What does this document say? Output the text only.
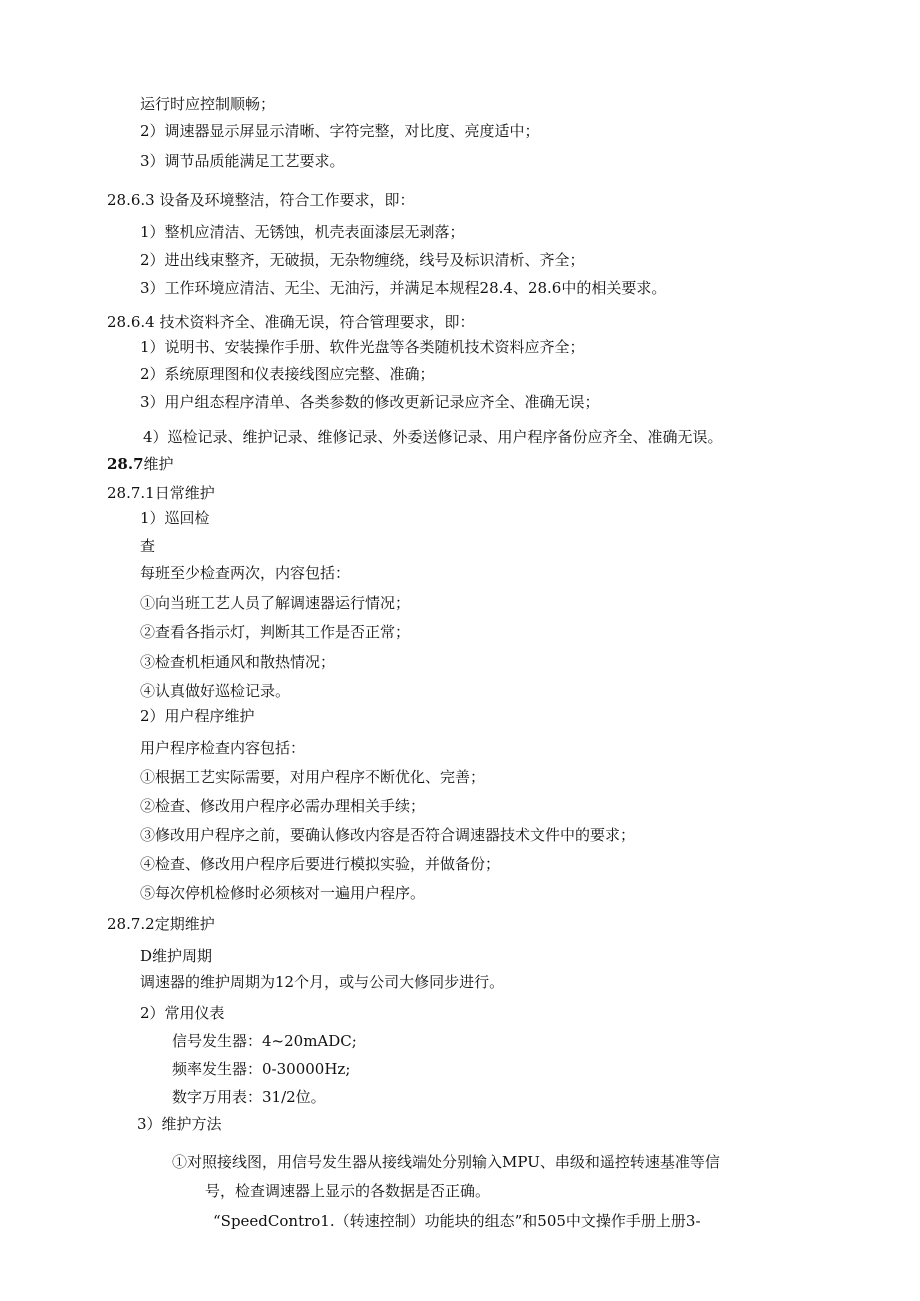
运行时应控制顺畅；
2）调速器显示屏显示清晰、字符完整，对比度、亮度适中；
3）调节品质能满足工艺要求。
28.6.3 设备及环境整洁，符合工作要求，即：
1）整机应清洁、无锈蚀，机壳表面漆层无剥落；
2）进出线束整齐，无破损，无杂物缠绕，线号及标识清析、齐全；
3）工作环境应清洁、无尘、无油污，并满足本规程28.4、28.6中的相关要求。
28.6.4 技术资料齐全、准确无误，符合管理要求，即：
1）说明书、安装操作手册、软件光盘等各类随机技术资料应齐全；
2）系统原理图和仪表接线图应完整、准确；
3）用户组态程序清单、各类参数的修改更新记录应齐全、准确无误；
4）巡检记录、维护记录、维修记录、外委送修记录、用户程序备份应齐全、准确无误。
28.7维护
28.7.1日常维护
1）巡回检
查
每班至少检查两次，内容包括：
①向当班工艺人员了解调速器运行情况；
②查看各指示灯，判断其工作是否正常；
③检查机柜通风和散热情况；
④认真做好巡检记录。
2）用户程序维护
用户程序检查内容包括：
①根据工艺实际需要，对用户程序不断优化、完善；
②检查、修改用户程序必需办理相关手续；
③修改用户程序之前，要确认修改内容是否符合调速器技术文件中的要求；
④检查、修改用户程序后要进行模拟实验，并做备份；
⑤每次停机检修时必须核对一遍用户程序。
28.7.2定期维护
D维护周期
调速器的维护周期为12个月，或与公司大修同步进行。
2）常用仪表
信号发生器：4~20mADC;
频率发生器：0-30000Hz;
数字万用表：31/2位。
3）维护方法
①对照接线图，用信号发生器从接线端处分别输入MPU、串级和遥控转速基准等信
号，检查调速器上显示的各数据是否正确。
“SpeedContro1.（转速控制）功能块的组态”和505中文操作手册上册3-
